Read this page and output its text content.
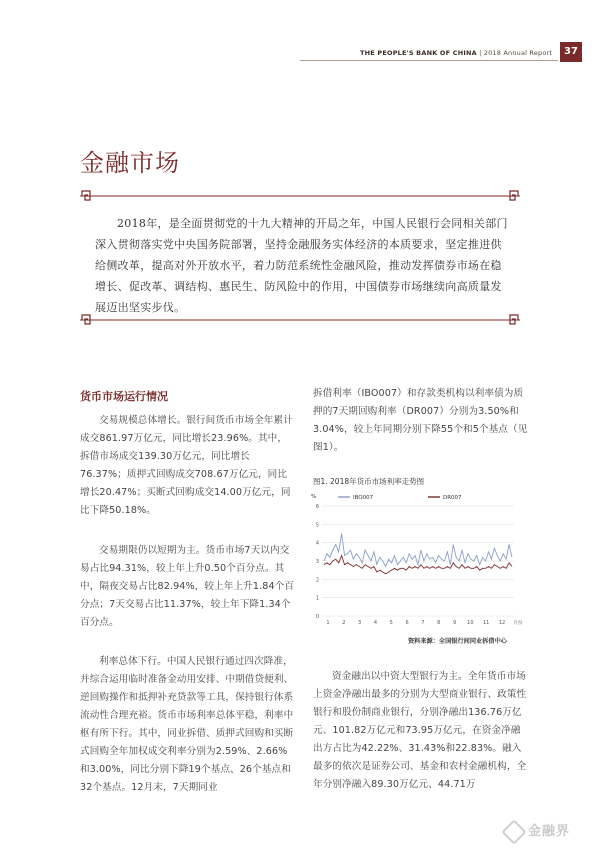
THE PEOPLE'S BANK OF CHINA | 2018 Annual Report	37
金融市场
2018年，是全面贯彻党的十九大精神的开局之年，中国人民银行会同相关部门深入贯彻落实党中央国务院部署，坚持金融服务实体经济的本质要求，坚定推进供给侧改革，提高对外开放水平，着力防范系统性金融风险，推动发挥债券市场在稳增长、促改革、调结构、惠民生、防风险中的作用，中国债券市场继续向高质量发展迈出坚实步伐。
货币市场运行情况

交易规模总体增长。银行间货币市场全年累计成交861.97万亿元，同比增长23.96%。其中，拆借市场成交139.30万亿元，同比增长76.37%；质押式回购成交708.67万亿元，同比增长20.47%；买断式回购成交14.00万亿元，同比下降50.18%。

交易期限仍以短期为主。货币市场7天以内交易占比94.31%，较上年上升0.50个百分点。其中，隔夜交易占比82.94%，较上年上升1.84个百分点；7天交易占比11.37%，较上年下降1.34个百分点。

利率总体下行。中国人民银行通过四次降准，并综合运用临时准备金动用安排、中期借贷便利、逆回购操作和抵押补充贷款等工具，保持银行体系流动性合理充裕。货币市场利率总体平稳，利率中枢有所下行。其中，同业拆借、质押式回购和买断式回购全年加权成交利率分别为2.59%、2.66%和3.00%，同比分别下降19个基点、26个基点和32个基点。12月末，7天期同业

拆借利率（IBO007）和存款类机构以利率债为质押的7天期回购利率（DR007）分别为3.50%和3.04%，较上年同期分别下降55个和5个基点（见图1）。

图1. 2018年货币市场利率走势图
%
0
1
2
3
4
5
6
1	2	3	4	5	6	7	8	9 10 11 12 月份
IBO007	DR007
资料来源：全国银行间同业拆借中心

资金融出以中资大型银行为主。全年货币市场上资金净融出最多的分别为大型商业银行、政策性银行和股份制商业银行，分别净融出136.76万亿元、101.82万亿元和73.95万亿元，在资金净融出方占比为42.22%、31.43%和22.83%。融入最多的依次是证券公司、基金和农村金融机构，全年分别净融入89.30万亿元、44.71万

金融界
